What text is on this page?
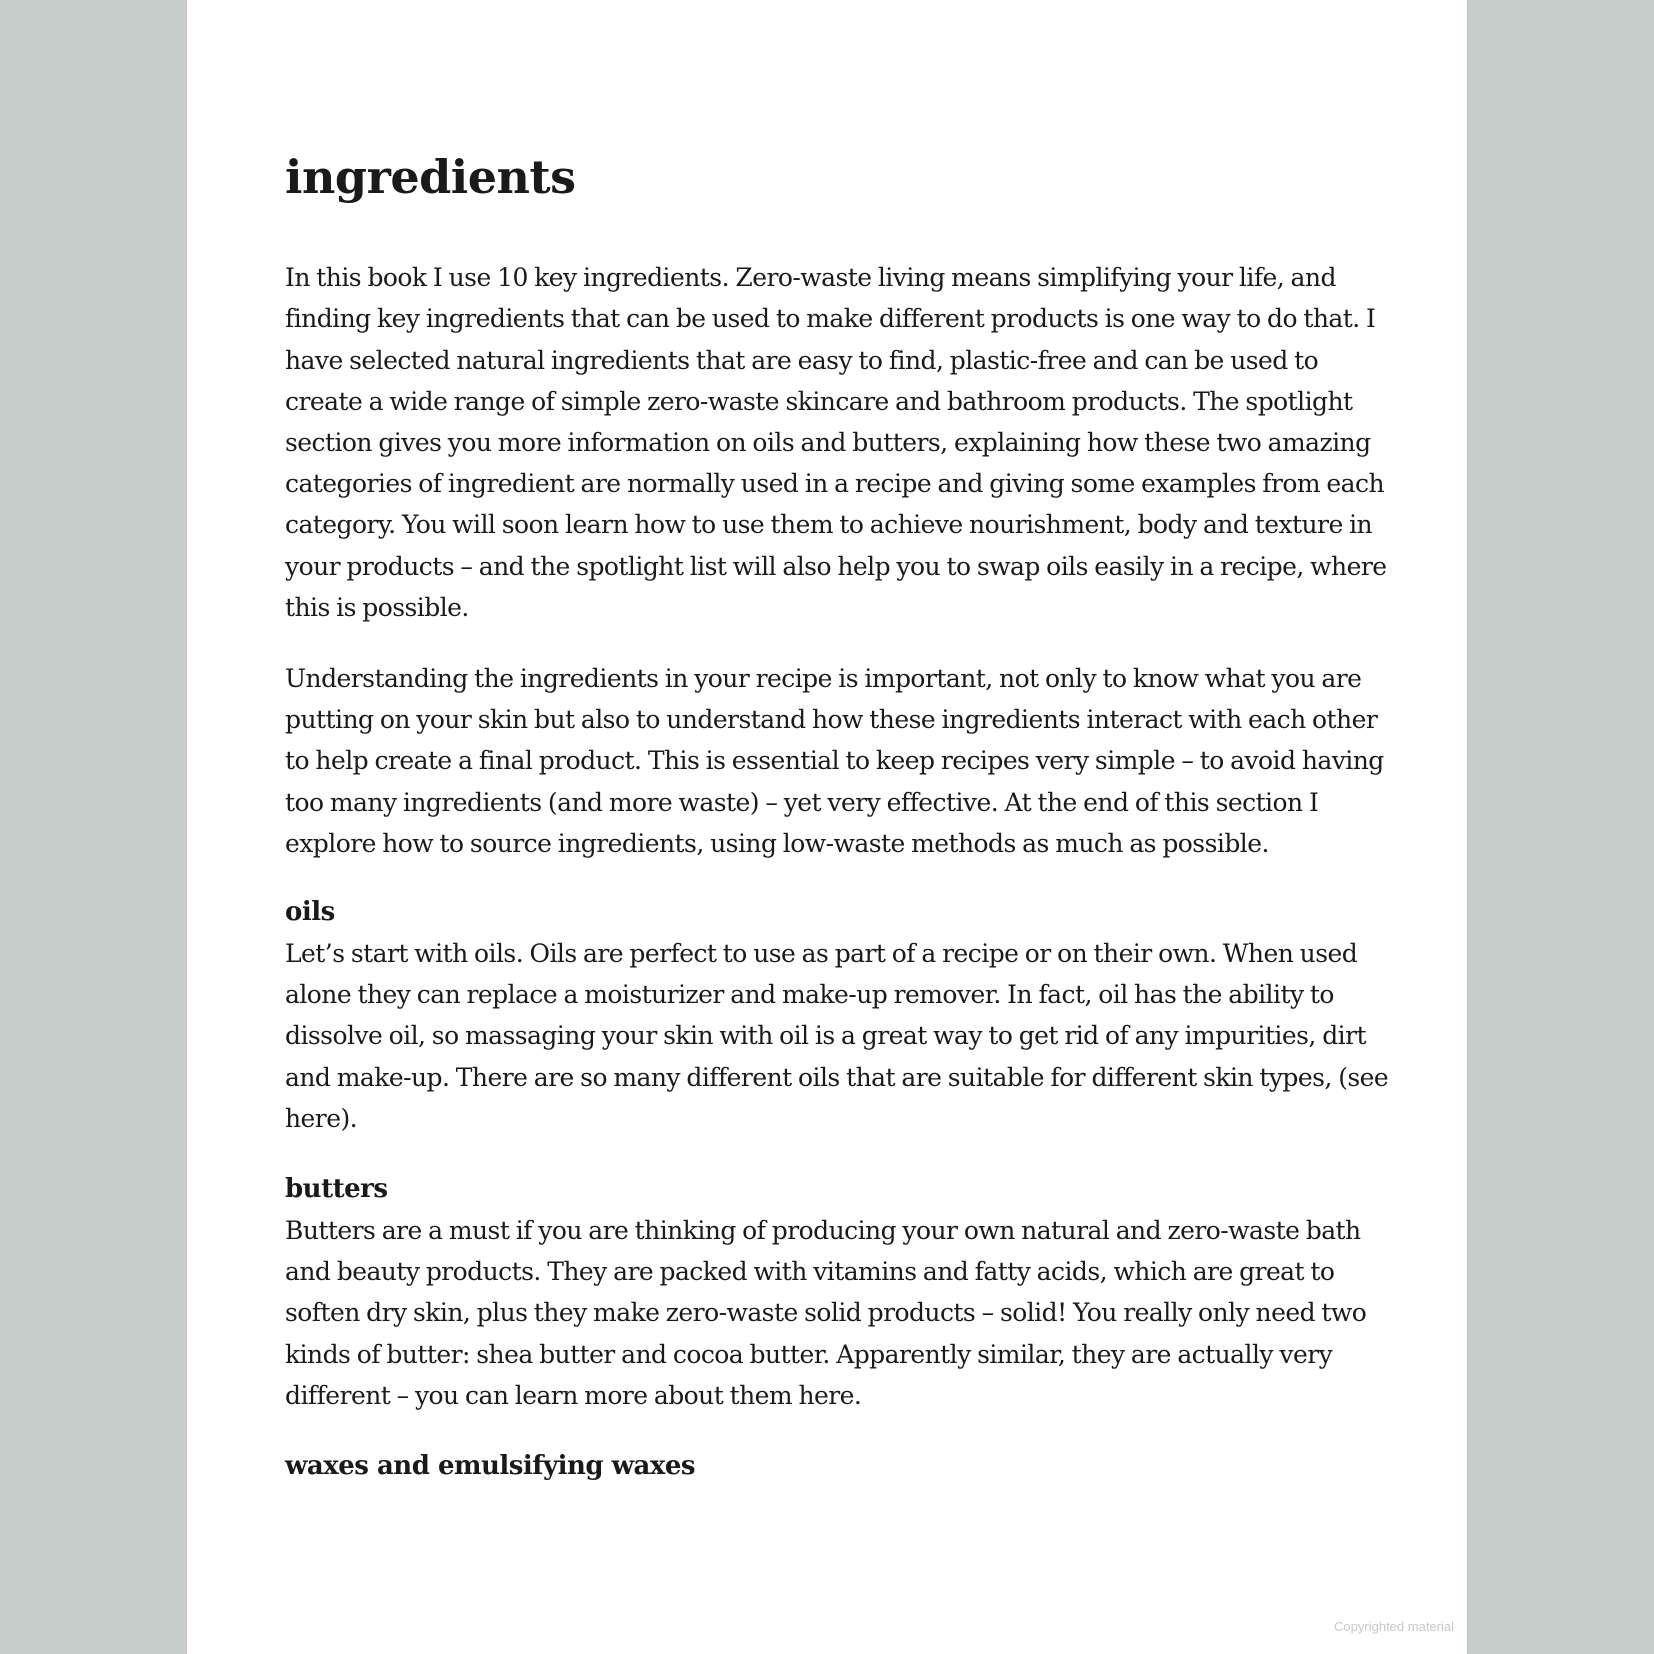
ingredients

In this book I use 10 key ingredients. Zero-waste living means simplifying your life, and finding key ingredients that can be used to make different products is one way to do that. I have selected natural ingredients that are easy to find, plastic-free and can be used to create a wide range of simple zero-waste skincare and bathroom products. The spotlight section gives you more information on oils and butters, explaining how these two amazing categories of ingredient are normally used in a recipe and giving some examples from each category. You will soon learn how to use them to achieve nourishment, body and texture in your products – and the spotlight list will also help you to swap oils easily in a recipe, where this is possible.

Understanding the ingredients in your recipe is important, not only to know what you are putting on your skin but also to understand how these ingredients interact with each other to help create a final product. This is essential to keep recipes very simple – to avoid having too many ingredients (and more waste) – yet very effective. At the end of this section I explore how to source ingredients, using low-waste methods as much as possible.

oils

Let’s start with oils. Oils are perfect to use as part of a recipe or on their own. When used alone they can replace a moisturizer and make-up remover. In fact, oil has the ability to dissolve oil, so massaging your skin with oil is a great way to get rid of any impurities, dirt and make-up. There are so many different oils that are suitable for different skin types, (see here).

butters

Butters are a must if you are thinking of producing your own natural and zero-waste bath and beauty products. They are packed with vitamins and fatty acids, which are great to soften dry skin, plus they make zero-waste solid products – solid! You really only need two kinds of butter: shea butter and cocoa butter. Apparently similar, they are actually very different – you can learn more about them here.

waxes and emulsifying waxes
Copyrighted material
